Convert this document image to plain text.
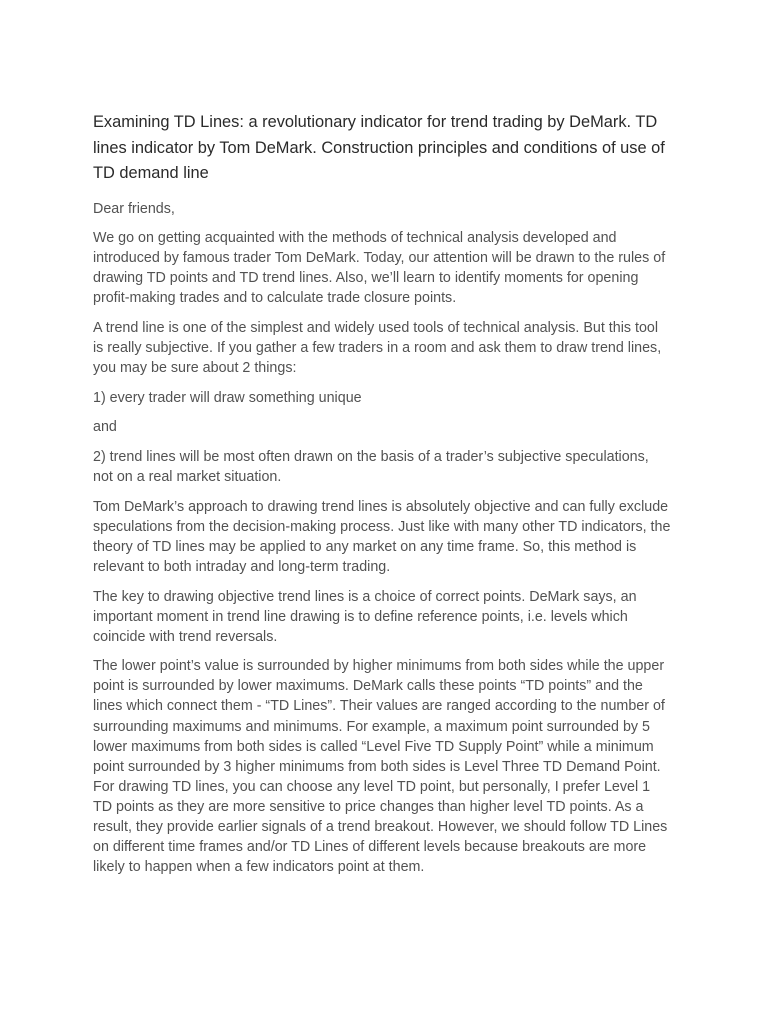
Examining TD Lines: a revolutionary indicator for trend trading by DeMark. TD lines indicator by Tom DeMark. Construction principles and conditions of use of TD demand line

Dear friends,

We go on getting acquainted with the methods of technical analysis developed and introduced by famous trader Tom DeMark. Today, our attention will be drawn to the rules of drawing TD points and TD trend lines. Also, we’ll learn to identify moments for opening profit-making trades and to calculate trade closure points.

A trend line is one of the simplest and widely used tools of technical analysis. But this tool is really subjective. If you gather a few traders in a room and ask them to draw trend lines, you may be sure about 2 things:

1) every trader will draw something unique

and

2) trend lines will be most often drawn on the basis of a trader’s subjective speculations, not on a real market situation.

Tom DeMark’s approach to drawing trend lines is absolutely objective and can fully exclude speculations from the decision-making process. Just like with many other TD indicators, the theory of TD lines may be applied to any market on any time frame. So, this method is relevant to both intraday and long-term trading.

The key to drawing objective trend lines is a choice of correct points. DeMark says, an important moment in trend line drawing is to define reference points, i.e. levels which coincide with trend reversals.

The lower point’s value is surrounded by higher minimums from both sides while the upper point is surrounded by lower maximums. DeMark calls these points “TD points” and the lines which connect them - “TD Lines”. Their values are ranged according to the number of surrounding maximums and minimums. For example, a maximum point surrounded by 5 lower maximums from both sides is called “Level Five TD Supply Point” while a minimum point surrounded by 3 higher minimums from both sides is Level Three TD Demand Point. For drawing TD lines, you can choose any level TD point, but personally, I prefer Level 1 TD points as they are more sensitive to price changes than higher level TD points. As a result, they provide earlier signals of a trend breakout. However, we should follow TD Lines on different time frames and/or TD Lines of different levels because breakouts are more likely to happen when a few indicators point at them.
